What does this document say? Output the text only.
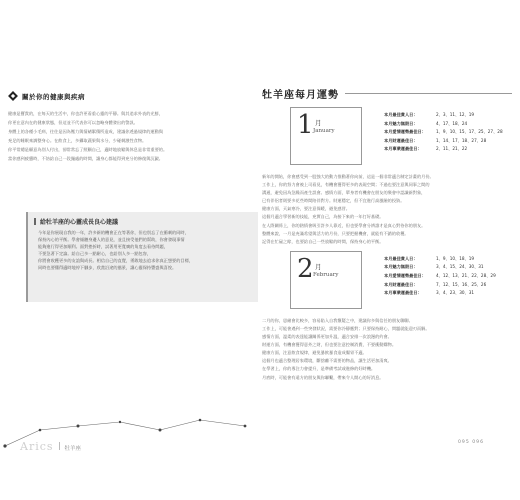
關於你的健康與疾病

健康是寶貴的，在每天的生活中，你也許更看重心靈的平靜。與其追求外表的光鮮，

你更在意內在的健康狀態，但這並不代表你可以忽略身體發出的警訊。

身體上的各種小毛病，往往是因為壓力與情緒累積所造成，建議你透過規律的運動與

充足的睡眠來調整身心。在飲食上，多攝取蔬果與水分，少碰刺激性食物。

你平常總是願意為別人付出，卻常常忘了照顧自己，適時地放鬆與休息是非常重要的。

當你感到疲憊時，不妨給自己一段獨處的時間，讓身心都能得到充分的修復與沉澱。

給牡羊座的心靈成長良心建議

今年是你展現自我的一年，許多新的機會正在等著你，但也別忘了在衝刺的同時，

保持內心的平衡。學會傾聽身邊人的意見，並且接受他們的幫助，你會發現事情

能夠進行得更加順利。面對挫折時，試著用更寬廣的角度去看待問題，

不要急著下定論。給自己多一點耐心，也給別人多一點包容，

你將會收穫更多的友誼與成長。相信自己的直覺，勇敢地去追求你真正想要的目標，

同時也要懂得適時地停下腳步，欣賞沿途的風景，讓心靈保持豐盛與喜悅。

Arics 牡羊座
牡羊座每月運勢
1 月
January
本月最佳貴人日：	2、3、11、12、19
本月魅力無限日：	4、17、18、24
本月愛情運勢最佳日：	1、9、10、15、17、25、27、28
本月財運最佳日：	1、14、17、18、27、28
本月事業運最佳日：	2、11、21、22

新年的開始，你會感受到一股強大的動力推動著你向前，這是一個非常適合制定計畫的月份。

工作上，你的努力會被上司看見，有機會獲得更多的表現空間；不過也要注意與同事之間的

溝通，避免因為急躁而產生誤會。感情方面，單身者有機會在朋友的聚會中認識新對象，

已有伴侶者則要多花些時間陪伴對方。財運穩定，但不宜進行高風險的投資。

健康方面，天氣寒冷，要注意保暖，避免感冒。

這個月適合學習新的技能，充實自己，為接下來的一年打好基礎。

在人際關係上，你的熱情會吸引許多人靠近，但也要學會分辨誰才是真心對待你的朋友。

整體來說，一月是充滿希望與活力的月份，只要把握機會，就能有不錯的收穫。

記得在忙碌之餘，也要給自己一些放鬆的時間，保持身心的平衡。

2 月
February
本月最佳貴人日：	1、9、10、18、19
本月魅力無限日：	3、4、15、24、30、31
本月愛情運勢最佳日：	4、12、13、21、22、28、29
本月財運最佳日：	7、12、15、16、25、26
本月事業運最佳日：	3、4、23、30、31

二月的你，思緒會比較多，容易陷入自我懷疑之中，建議你多與信任的朋友聊聊。

工作上，可能會遇到一些突發狀況，需要你冷靜應對；只要保持耐心，問題就能迎刃而解。

感情方面，溫柔的表達能讓關係更加升溫，適合安排一次浪漫的約會。

財運方面，有機會獲得意外之財，但也要注意控制消費，不要衝動購物。

健康方面，注意飲食規律，避免暴飲暴食造成腸胃不適。

這個月也適合整理居家環境，斷捨離不需要的物品，讓生活更加清爽。

在學習上，你的專注力會提升，是準備考試或進修的好時機。

月底時，可能會有遠方的朋友與你聯繫，帶來令人開心的好消息。

095 096
